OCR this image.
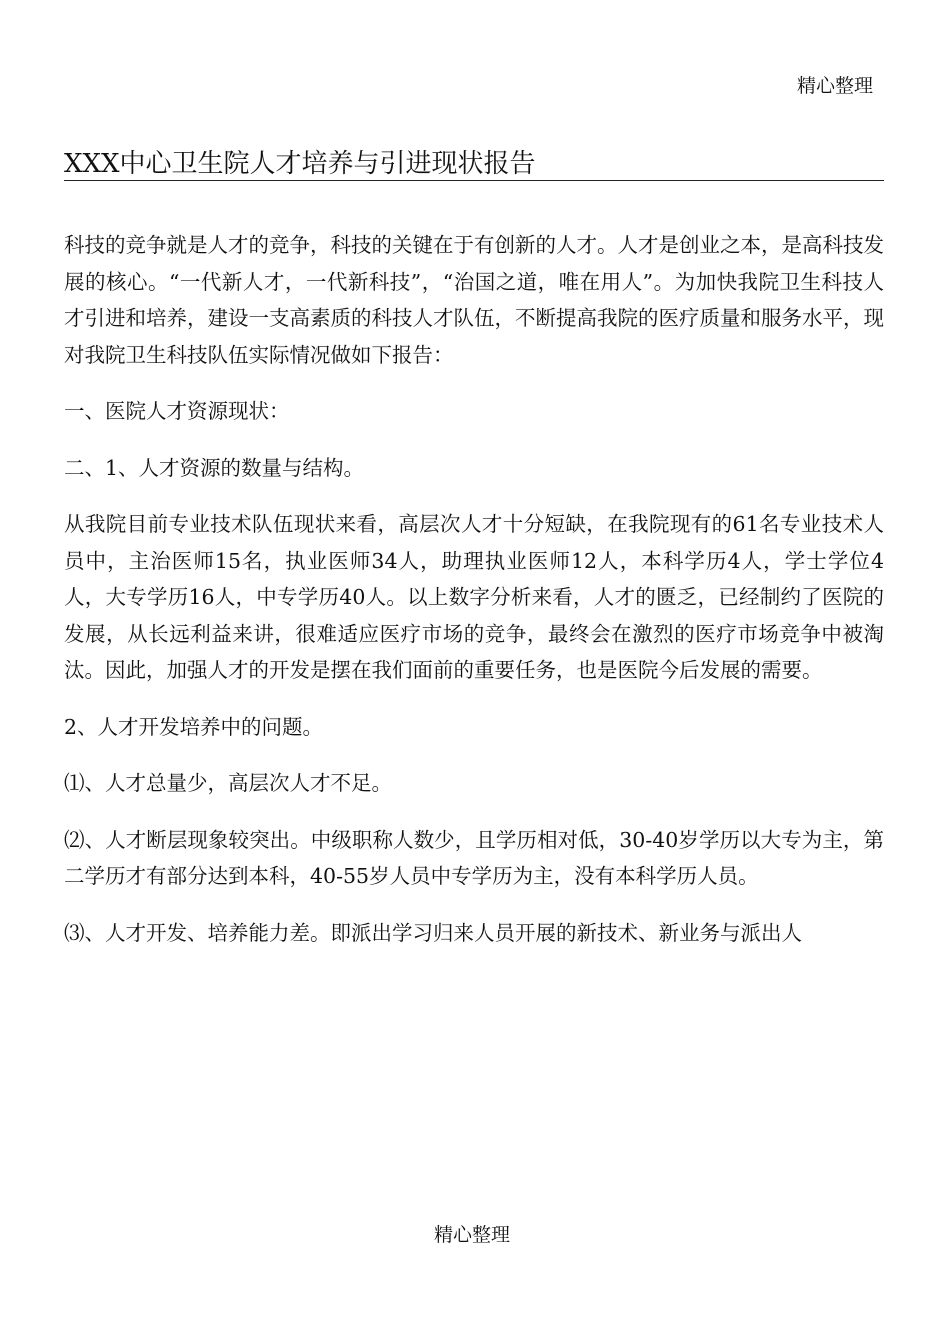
精心整理
XXX中心卫生院人才培养与引进现状报告

科技的竞争就是人才的竞争，科技的关键在于有创新的人才。人才是创业之本，是高科技发展的核心。“一代新人才，一代新科技”，“治国之道，唯在用人”。为加快我院卫生科技人才引进和培养，建设一支高素质的科技人才队伍，不断提高我院的医疗质量和服务水平，现对我院卫生科技队伍实际情况做如下报告：

一、医院人才资源现状：

二、1、人才资源的数量与结构。

从我院目前专业技术队伍现状来看，高层次人才十分短缺，在我院现有的61名专业技术人员中，主治医师15名，执业医师34人，助理执业医师12人，本科学历4人，学士学位4人，大专学历16人，中专学历40人。以上数字分析来看，人才的匮乏，已经制约了医院的发展，从长远利益来讲，很难适应医疗市场的竞争，最终会在激烈的医疗市场竞争中被淘汰。因此，加强人才的开发是摆在我们面前的重要任务，也是医院今后发展的需要。

2、人才开发培养中的问题。

⑴、人才总量少，高层次人才不足。

⑵、人才断层现象较突出。中级职称人数少，且学历相对低，30-40岁学历以大专为主，第二学历才有部分达到本科，40-55岁人员中专学历为主，没有本科学历人员。

⑶、人才开发、培养能力差。即派出学习归来人员开展的新技术、新业务与派出人

精心整理
